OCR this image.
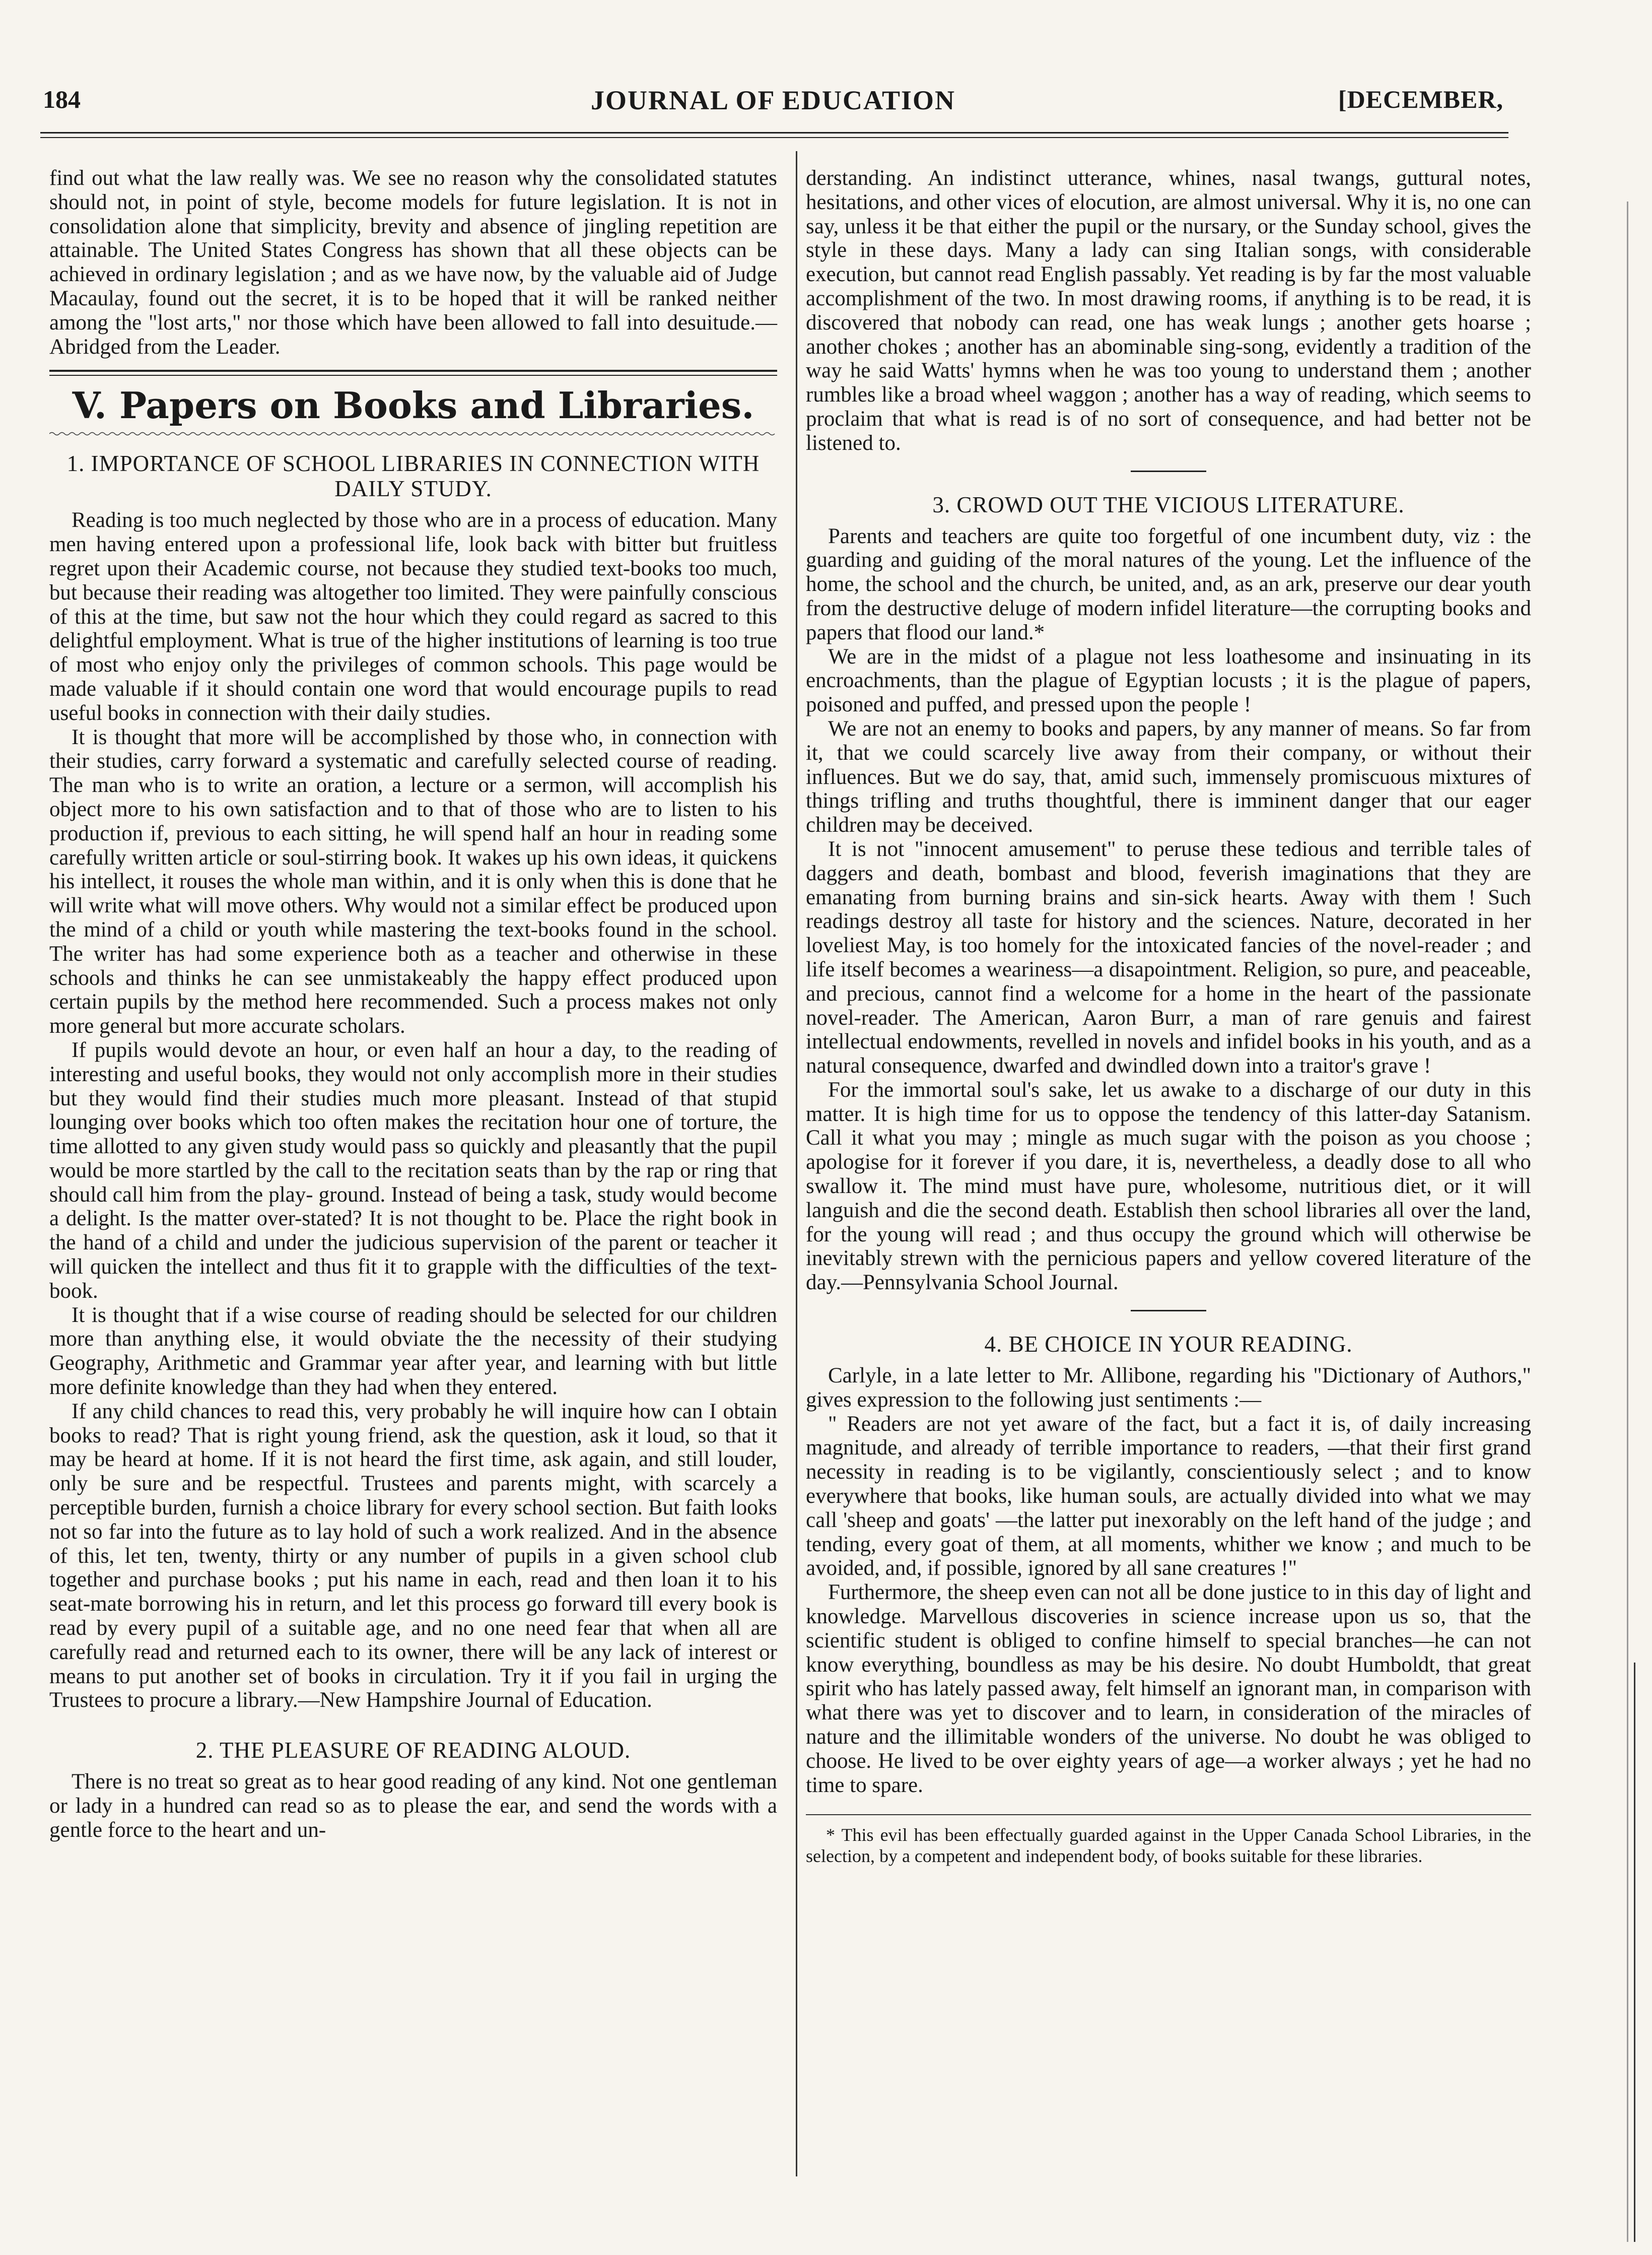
184	JOURNAL OF EDUCATION	[DECEMBER,

find out what the law really was. We see no reason why the consolidated statutes should not, in point of style, become models for future legislation. It is not in consolidation alone that simplicity, brevity and absence of jingling repetition are attainable. The United States Congress has shown that all these objects can be achieved in ordinary legislation ; and as we have now, by the valuable aid of Judge Macaulay, found out the secret, it is to be hoped that it will be ranked neither among the "lost arts," nor those which have been allowed to fall into desuitude.—Abridged from the Leader.

V. Papers on Books and Libraries.
1. IMPORTANCE OF SCHOOL LIBRARIES IN CONNECTION WITH DAILY STUDY.

Reading is too much neglected by those who are in a process of education. Many men having entered upon a professional life, look back with bitter but fruitless regret upon their Academic course, not because they studied text-books too much, but because their reading was altogether too limited. They were painfully conscious of this at the time, but saw not the hour which they could regard as sacred to this delightful employment. What is true of the higher institutions of learning is too true of most who enjoy only the privileges of common schools. This page would be made valuable if it should contain one word that would encourage pupils to read useful books in connection with their daily studies.

It is thought that more will be accomplished by those who, in connection with their studies, carry forward a systematic and carefully selected course of reading. The man who is to write an oration, a lecture or a sermon, will accomplish his object more to his own satisfaction and to that of those who are to listen to his production if, previous to each sitting, he will spend half an hour in reading some carefully written article or soul-stirring book. It wakes up his own ideas, it quickens his intellect, it rouses the whole man within, and it is only when this is done that he will write what will move others. Why would not a similar effect be produced upon the mind of a child or youth while mastering the text-books found in the school. The writer has had some experience both as a teacher and otherwise in these schools and thinks he can see unmistakeably the happy effect produced upon certain pupils by the method here recommended. Such a process makes not only more general but more accurate scholars.

If pupils would devote an hour, or even half an hour a day, to the reading of interesting and useful books, they would not only accomplish more in their studies but they would find their studies much more pleasant. Instead of that stupid lounging over books which too often makes the recitation hour one of torture, the time allotted to any given study would pass so quickly and pleasantly that the pupil would be more startled by the call to the recitation seats than by the rap or ring that should call him from the play- ground. Instead of being a task, study would become a delight. Is the matter over-stated? It is not thought to be. Place the right book in the hand of a child and under the judicious supervision of the parent or teacher it will quicken the intellect and thus fit it to grapple with the difficulties of the text-book.

It is thought that if a wise course of reading should be selected for our children more than anything else, it would obviate the the necessity of their studying Geography, Arithmetic and Grammar year after year, and learning with but little more definite knowledge than they had when they entered.

If any child chances to read this, very probably he will inquire how can I obtain books to read? That is right young friend, ask the question, ask it loud, so that it may be heard at home. If it is not heard the first time, ask again, and still louder, only be sure and be respectful. Trustees and parents might, with scarcely a perceptible burden, furnish a choice library for every school section. But faith looks not so far into the future as to lay hold of such a work realized. And in the absence of this, let ten, twenty, thirty or any number of pupils in a given school club together and purchase books ; put his name in each, read and then loan it to his seat-mate borrowing his in return, and let this process go forward till every book is read by every pupil of a suitable age, and no one need fear that when all are carefully read and returned each to its owner, there will be any lack of interest or means to put another set of books in circulation. Try it if you fail in urging the Trustees to procure a library.—New Hampshire Journal of Education.

2. THE PLEASURE OF READING ALOUD.

There is no treat so great as to hear good reading of any kind. Not one gentleman or lady in a hundred can read so as to please the ear, and send the words with a gentle force to the heart and un-

derstanding. An indistinct utterance, whines, nasal twangs, guttural notes, hesitations, and other vices of elocution, are almost universal. Why it is, no one can say, unless it be that either the pupil or the nursary, or the Sunday school, gives the style in these days. Many a lady can sing Italian songs, with considerable execution, but cannot read English passably. Yet reading is by far the most valuable accomplishment of the two. In most drawing rooms, if anything is to be read, it is discovered that nobody can read, one has weak lungs ; another gets hoarse ; another chokes ; another has an abominable sing-song, evidently a tradition of the way he said Watts' hymns when he was too young to understand them ; another rumbles like a broad wheel waggon ; another has a way of reading, which seems to proclaim that what is read is of no sort of consequence, and had better not be listened to.

3. CROWD OUT THE VICIOUS LITERATURE.

Parents and teachers are quite too forgetful of one incumbent duty, viz : the guarding and guiding of the moral natures of the young. Let the influence of the home, the school and the church, be united, and, as an ark, preserve our dear youth from the destructive deluge of modern infidel literature—the corrupting books and papers that flood our land.*

We are in the midst of a plague not less loathesome and insinuating in its encroachments, than the plague of Egyptian locusts ; it is the plague of papers, poisoned and puffed, and pressed upon the people !

We are not an enemy to books and papers, by any manner of means. So far from it, that we could scarcely live away from their company, or without their influences. But we do say, that, amid such, immensely promiscuous mixtures of things trifling and truths thoughtful, there is imminent danger that our eager children may be deceived.

It is not "innocent amusement" to peruse these tedious and terrible tales of daggers and death, bombast and blood, feverish imaginations that they are emanating from burning brains and sin-sick hearts. Away with them ! Such readings destroy all taste for history and the sciences. Nature, decorated in her loveliest May, is too homely for the intoxicated fancies of the novel-reader ; and life itself becomes a weariness—a disapointment. Religion, so pure, and peaceable, and precious, cannot find a welcome for a home in the heart of the passionate novel-reader. The American, Aaron Burr, a man of rare genuis and fairest intellectual endowments, revelled in novels and infidel books in his youth, and as a natural consequence, dwarfed and dwindled down into a traitor's grave !

For the immortal soul's sake, let us awake to a discharge of our duty in this matter. It is high time for us to oppose the tendency of this latter-day Satanism. Call it what you may ; mingle as much sugar with the poison as you choose ; apologise for it forever if you dare, it is, nevertheless, a deadly dose to all who swallow it. The mind must have pure, wholesome, nutritious diet, or it will languish and die the second death. Establish then school libraries all over the land, for the young will read ; and thus occupy the ground which will otherwise be inevitably strewn with the pernicious papers and yellow covered literature of the day.—Pennsylvania School Journal.

4. BE CHOICE IN YOUR READING.

Carlyle, in a late letter to Mr. Allibone, regarding his "Dictionary of Authors," gives expression to the following just sentiments :—

" Readers are not yet aware of the fact, but a fact it is, of daily increasing magnitude, and already of terrible importance to readers, —that their first grand necessity in reading is to be vigilantly, conscientiously select ; and to know everywhere that books, like human souls, are actually divided into what we may call 'sheep and goats' —the latter put inexorably on the left hand of the judge ; and tending, every goat of them, at all moments, whither we know ; and much to be avoided, and, if possible, ignored by all sane creatures !"

Furthermore, the sheep even can not all be done justice to in this day of light and knowledge. Marvellous discoveries in science increase upon us so, that the scientific student is obliged to confine himself to special branches—he can not know everything, boundless as may be his desire. No doubt Humboldt, that great spirit who has lately passed away, felt himself an ignorant man, in comparison with what there was yet to discover and to learn, in consideration of the miracles of nature and the illimitable wonders of the universe. No doubt he was obliged to choose. He lived to be over eighty years of age—a worker always ; yet he had no time to spare.

* This evil has been effectually guarded against in the Upper Canada School Libraries, in the selection, by a competent and independent body, of books suitable for these libraries.
